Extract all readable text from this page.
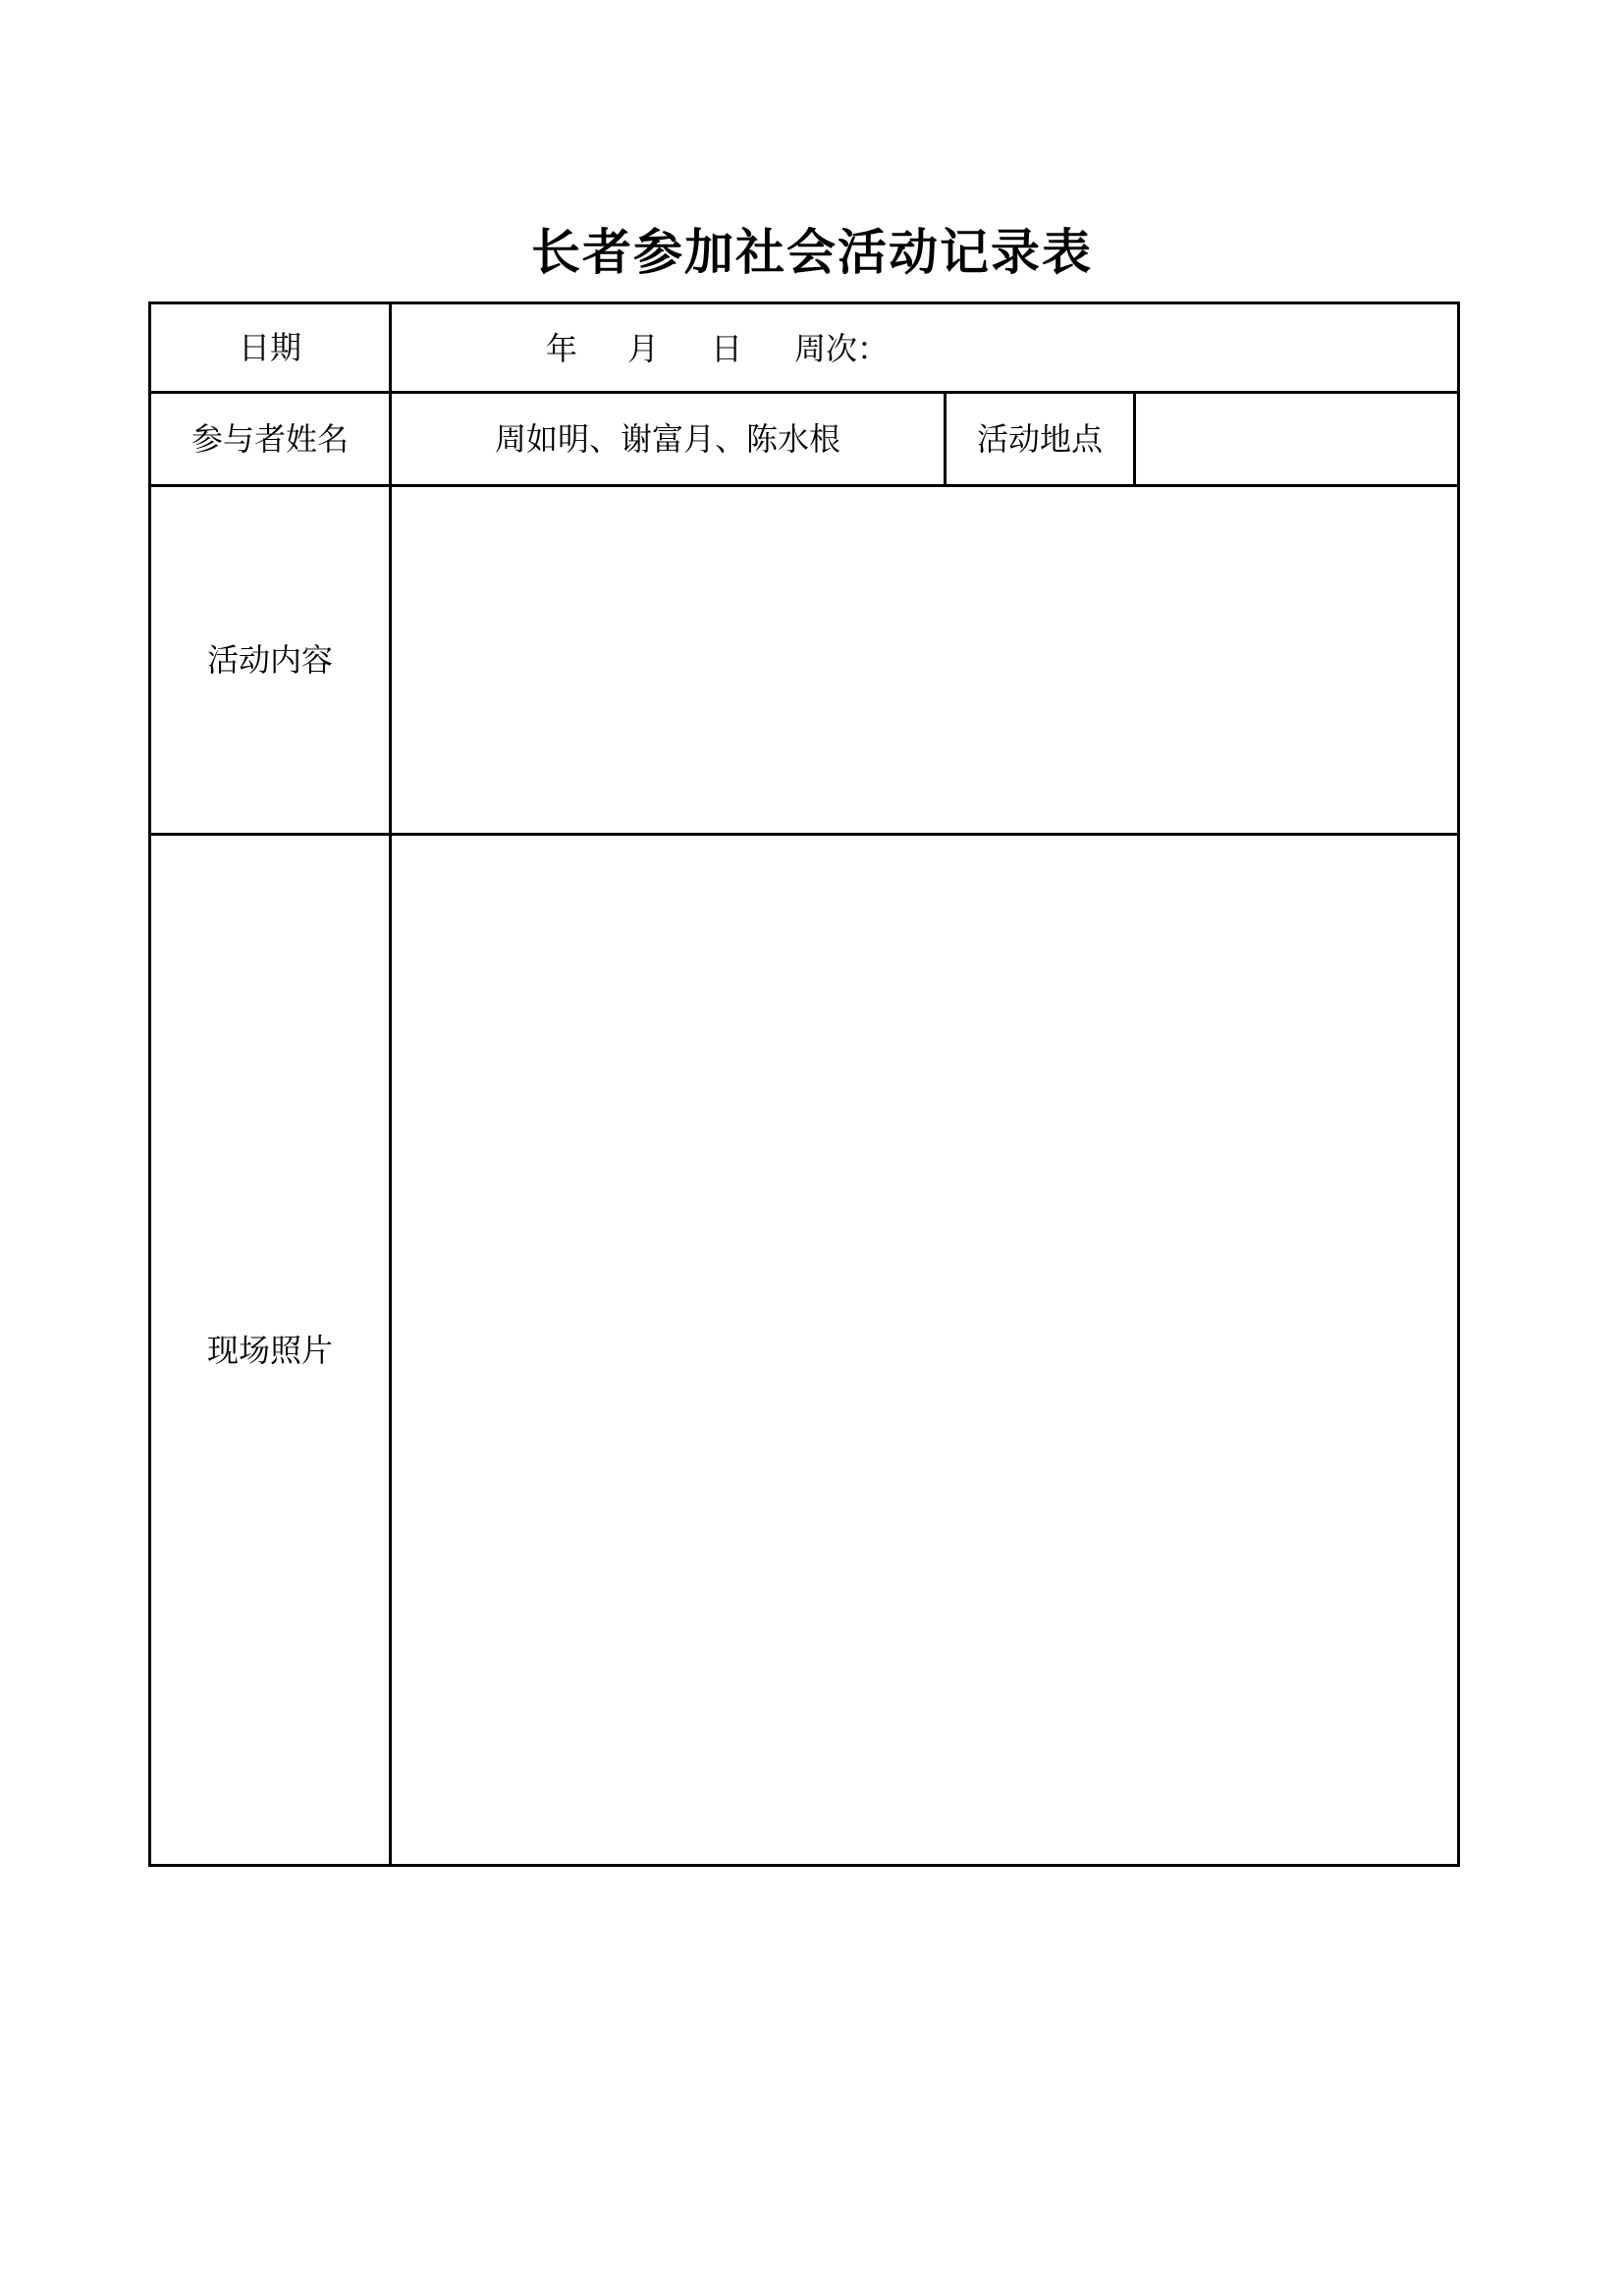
长者参加社会活动记录表
日期	年 月 日 周次：
参与者姓名	周如明、谢富月、陈水根	活动地点
活动内容
现场照片
